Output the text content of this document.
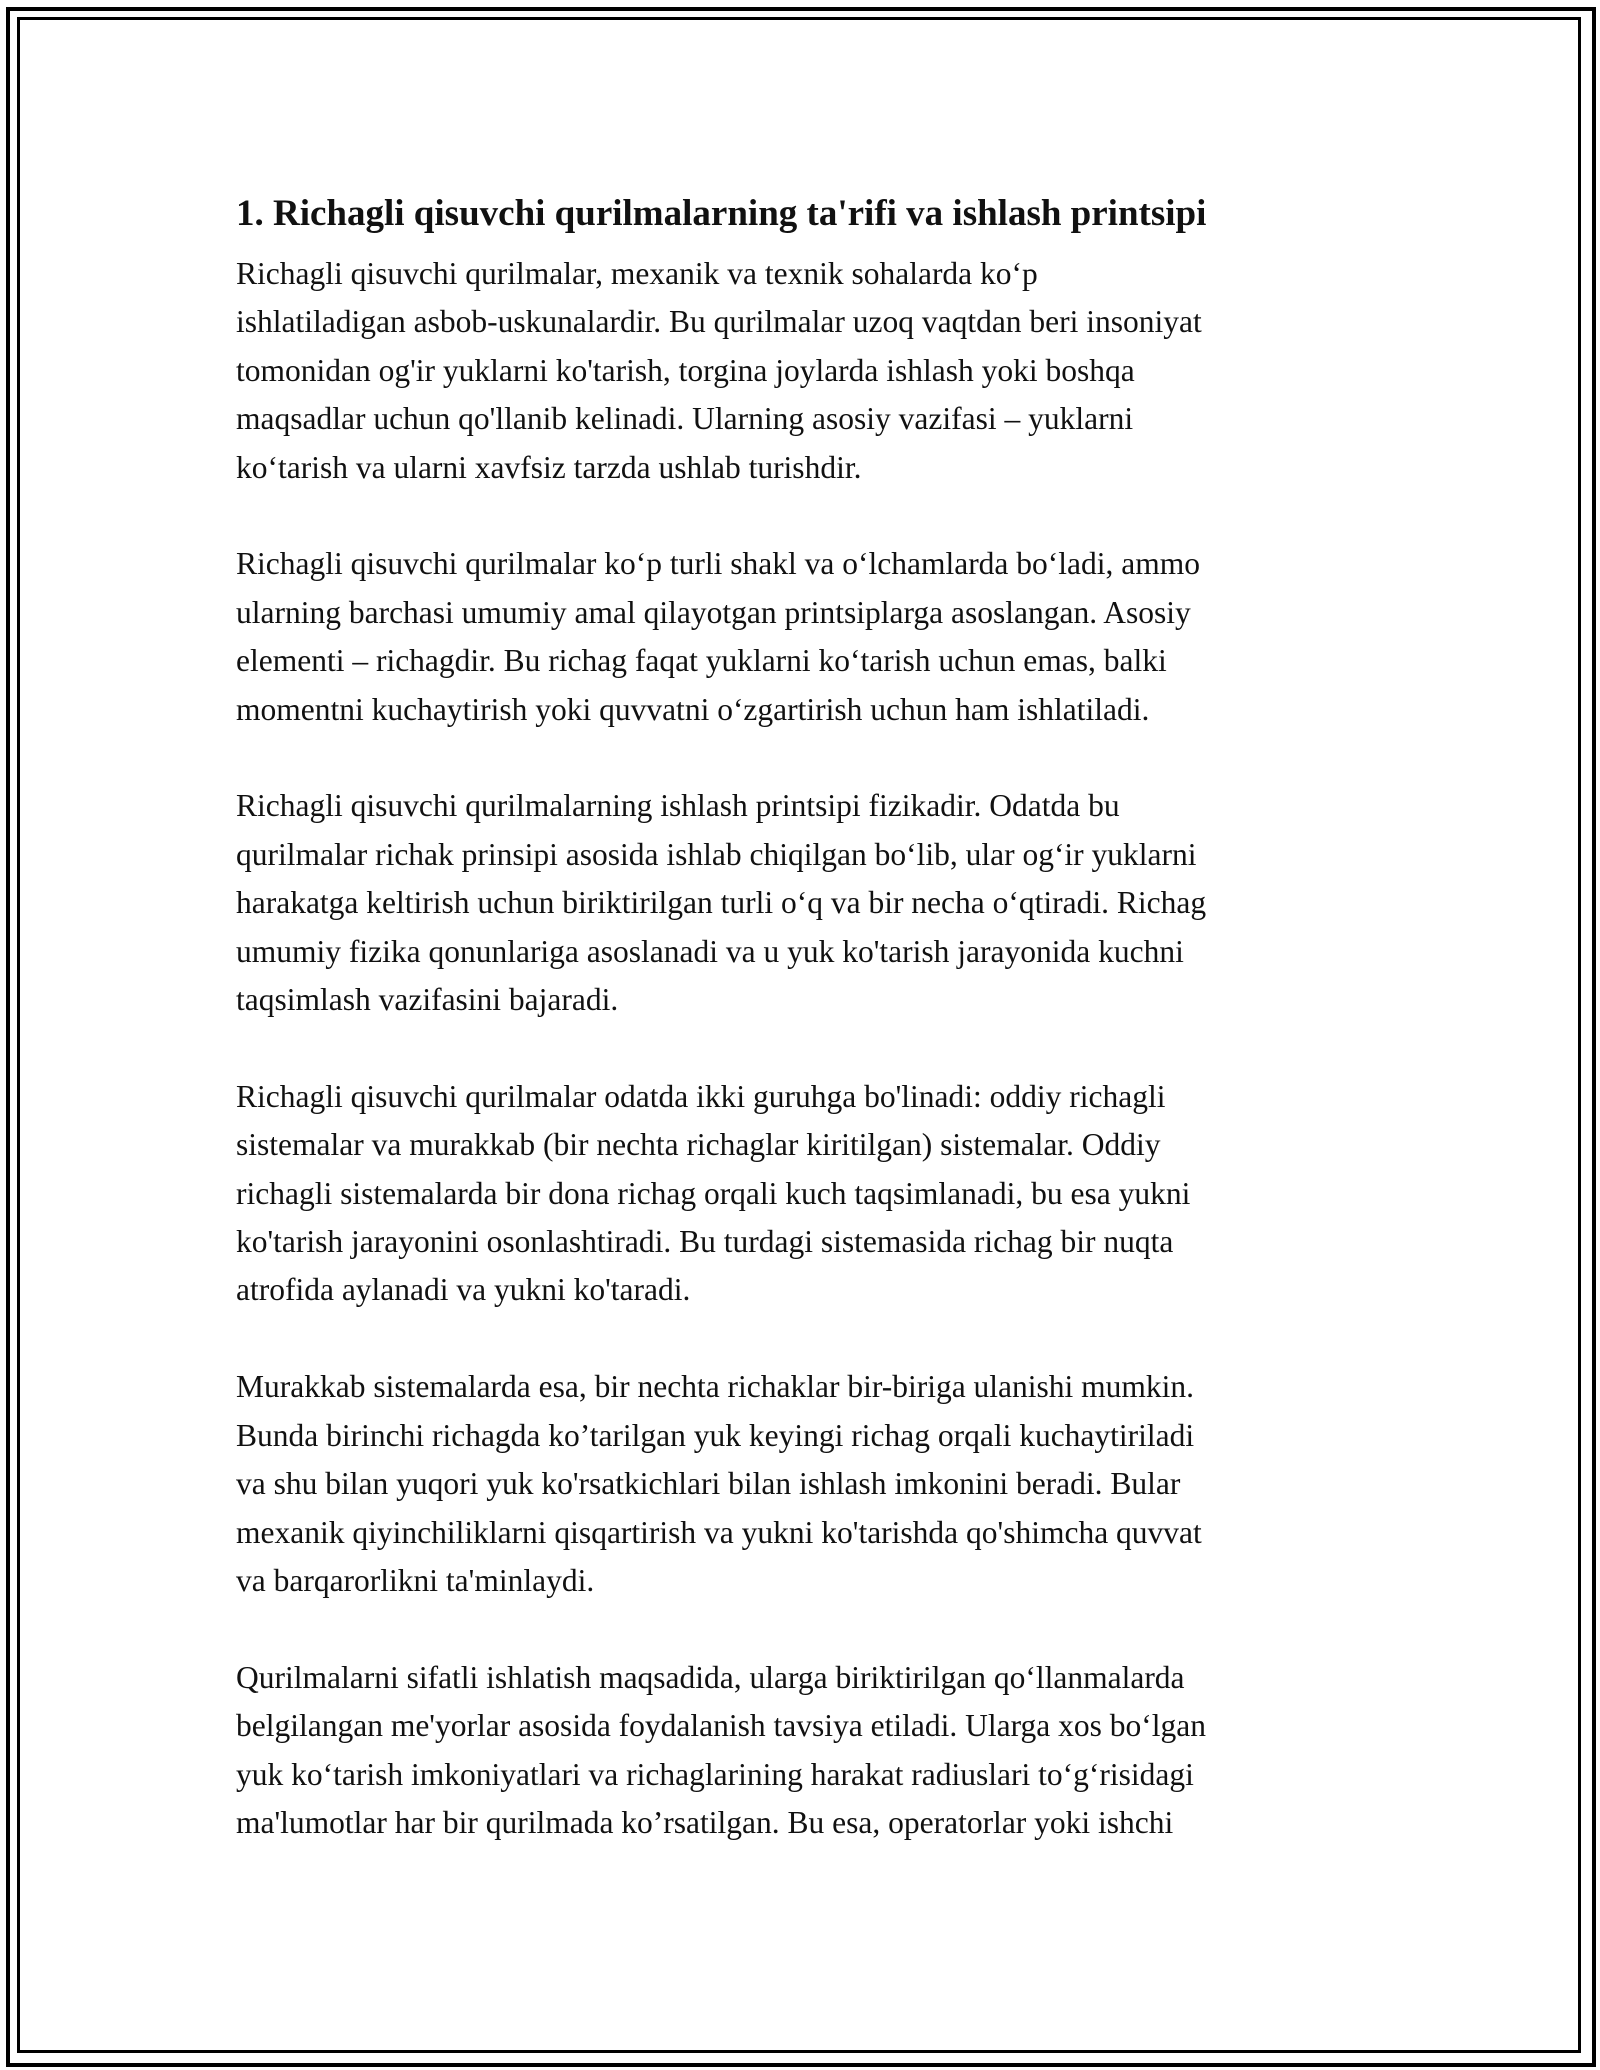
1. Richagli qisuvchi qurilmalarning ta'rifi va ishlash printsipi
Richagli qisuvchi qurilmalar, mexanik va texnik sohalarda ko‘p
ishlatiladigan asbob-uskunalardir. Bu qurilmalar uzoq vaqtdan beri insoniyat
tomonidan og'ir yuklarni ko'tarish, torgina joylarda ishlash yoki boshqa
maqsadlar uchun qo'llanib kelinadi. Ularning asosiy vazifasi – yuklarni
ko‘tarish va ularni xavfsiz tarzda ushlab turishdir.
Richagli qisuvchi qurilmalar ko‘p turli shakl va o‘lchamlarda bo‘ladi, ammo
ularning barchasi umumiy amal qilayotgan printsiplarga asoslangan. Asosiy
elementi – richagdir. Bu richag faqat yuklarni ko‘tarish uchun emas, balki
momentni kuchaytirish yoki quvvatni o‘zgartirish uchun ham ishlatiladi.
Richagli qisuvchi qurilmalarning ishlash printsipi fizikadir. Odatda bu
qurilmalar richak prinsipi asosida ishlab chiqilgan bo‘lib, ular og‘ir yuklarni
harakatga keltirish uchun biriktirilgan turli o‘q va bir necha o‘qtiradi. Richag
umumiy fizika qonunlariga asoslanadi va u yuk ko'tarish jarayonida kuchni
taqsimlash vazifasini bajaradi.
Richagli qisuvchi qurilmalar odatda ikki guruhga bo'linadi: oddiy richagli
sistemalar va murakkab (bir nechta richaglar kiritilgan) sistemalar. Oddiy
richagli sistemalarda bir dona richag orqali kuch taqsimlanadi, bu esa yukni
ko'tarish jarayonini osonlashtiradi. Bu turdagi sistemasida richag bir nuqta
atrofida aylanadi va yukni ko'taradi.
Murakkab sistemalarda esa, bir nechta richaklar bir-biriga ulanishi mumkin.
Bunda birinchi richagda ko’tarilgan yuk keyingi richag orqali kuchaytiriladi
va shu bilan yuqori yuk ko'rsatkichlari bilan ishlash imkonini beradi. Bular
mexanik qiyinchiliklarni qisqartirish va yukni ko'tarishda qo'shimcha quvvat
va barqarorlikni ta'minlaydi.
Qurilmalarni sifatli ishlatish maqsadida, ularga biriktirilgan qo‘llanmalarda
belgilangan me'yorlar asosida foydalanish tavsiya etiladi. Ularga xos bo‘lgan
yuk ko‘tarish imkoniyatlari va richaglarining harakat radiuslari to‘g‘risidagi
ma'lumotlar har bir qurilmada ko’rsatilgan. Bu esa, operatorlar yoki ishchi
